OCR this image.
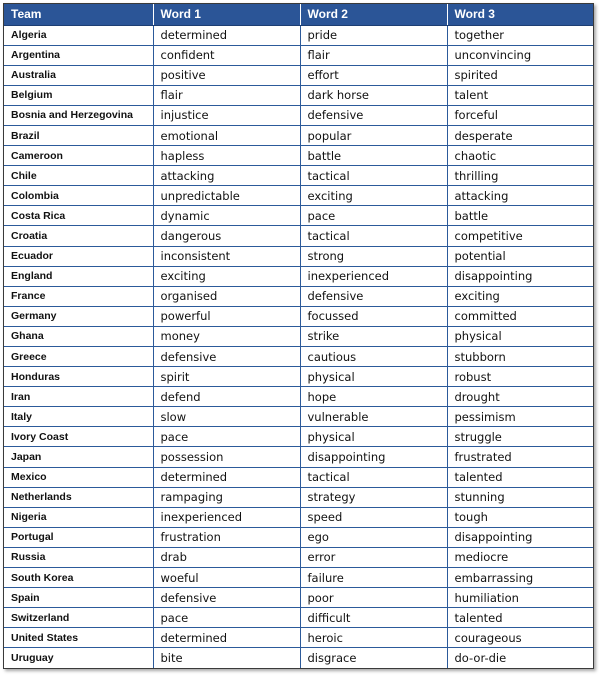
Team	Word 1	Word 2	Word 3
Algeria	determined	pride	together
Argentina	confident	flair	unconvincing
Australia	positive	effort	spirited
Belgium	flair	dark horse	talent
Bosnia and Herzegovina	injustice	defensive	forceful
Brazil	emotional	popular	desperate
Cameroon	hapless	battle	chaotic
Chile	attacking	tactical	thrilling
Colombia	unpredictable	exciting	attacking
Costa Rica	dynamic	pace	battle
Croatia	dangerous	tactical	competitive
Ecuador	inconsistent	strong	potential
England	exciting	inexperienced	disappointing
France	organised	defensive	exciting
Germany	powerful	focussed	committed
Ghana	money	strike	physical
Greece	defensive	cautious	stubborn
Honduras	spirit	physical	robust
Iran	defend	hope	drought
Italy	slow	vulnerable	pessimism
Ivory Coast	pace	physical	struggle
Japan	possession	disappointing	frustrated
Mexico	determined	tactical	talented
Netherlands	rampaging	strategy	stunning
Nigeria	inexperienced	speed	tough
Portugal	frustration	ego	disappointing
Russia	drab	error	mediocre
South Korea	woeful	failure	embarrassing
Spain	defensive	poor	humiliation
Switzerland	pace	difficult	talented
United States	determined	heroic	courageous
Uruguay	bite	disgrace	do-or-die
